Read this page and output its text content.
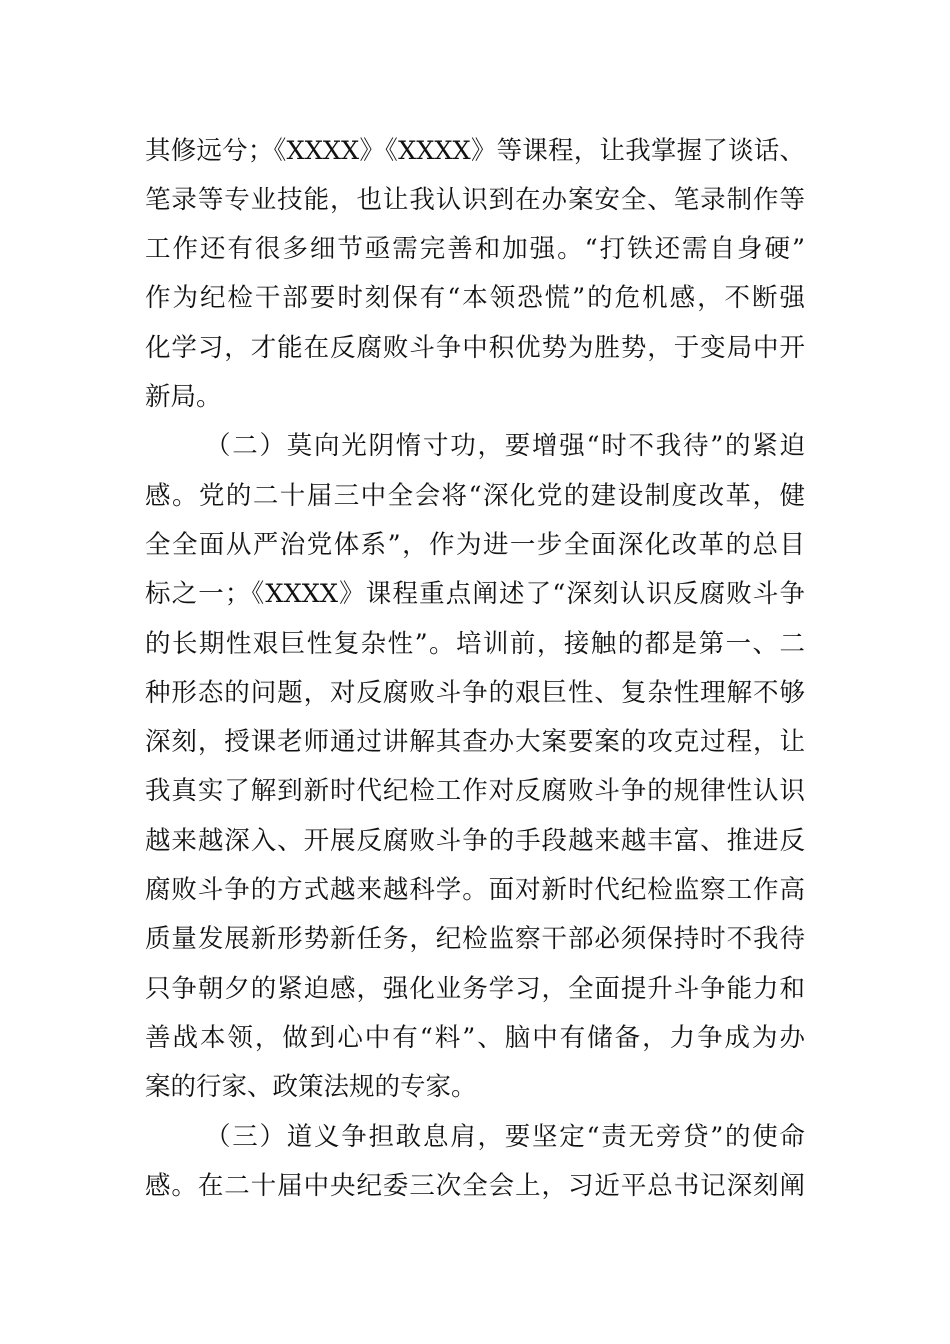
其修远兮；《XXXX》《XXXX》等课程，让我掌握了谈话、
笔录等专业技能，也让我认识到在办案安全、笔录制作等
工作还有很多细节亟需完善和加强。“打铁还需自身硬”
作为纪检干部要时刻保有“本领恐慌”的危机感，不断强
化学习，才能在反腐败斗争中积优势为胜势，于变局中开
新局。
（二）莫向光阴惰寸功，要增强“时不我待”的紧迫
感。党的二十届三中全会将“深化党的建设制度改革，健
全全面从严治党体系”，作为进一步全面深化改革的总目
标之一；《XXXX》课程重点阐述了“深刻认识反腐败斗争
的长期性艰巨性复杂性”。培训前，接触的都是第一、二
种形态的问题，对反腐败斗争的艰巨性、复杂性理解不够
深刻，授课老师通过讲解其查办大案要案的攻克过程，让
我真实了解到新时代纪检工作对反腐败斗争的规律性认识
越来越深入、开展反腐败斗争的手段越来越丰富、推进反
腐败斗争的方式越来越科学。面对新时代纪检监察工作高
质量发展新形势新任务，纪检监察干部必须保持时不我待
只争朝夕的紧迫感，强化业务学习，全面提升斗争能力和
善战本领，做到心中有“料”、脑中有储备，力争成为办
案的行家、政策法规的专家。
（三）道义争担敢息肩，要坚定“责无旁贷”的使命
感。在二十届中央纪委三次全会上，习近平总书记深刻阐
